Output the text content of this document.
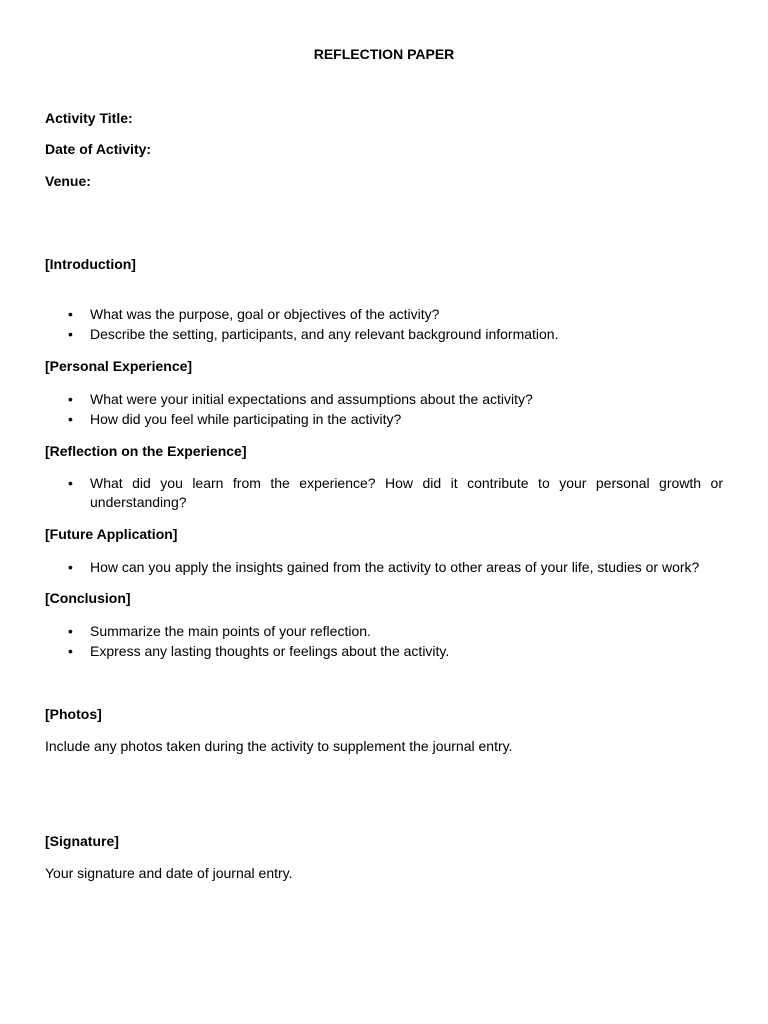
REFLECTION PAPER
Activity Title:
Date of Activity:
Venue:
[Introduction]
• What was the purpose, goal or objectives of the activity?
• Describe the setting, participants, and any relevant background information.
[Personal Experience]
• What were your initial expectations and assumptions about the activity?
• How did you feel while participating in the activity?
[Reflection on the Experience]
• What did you learn from the experience? How did it contribute to your personal growth or understanding?
[Future Application]
• How can you apply the insights gained from the activity to other areas of your life, studies or work?
[Conclusion]
• Summarize the main points of your reflection.
• Express any lasting thoughts or feelings about the activity.
[Photos]
Include any photos taken during the activity to supplement the journal entry.
[Signature]
Your signature and date of journal entry.
